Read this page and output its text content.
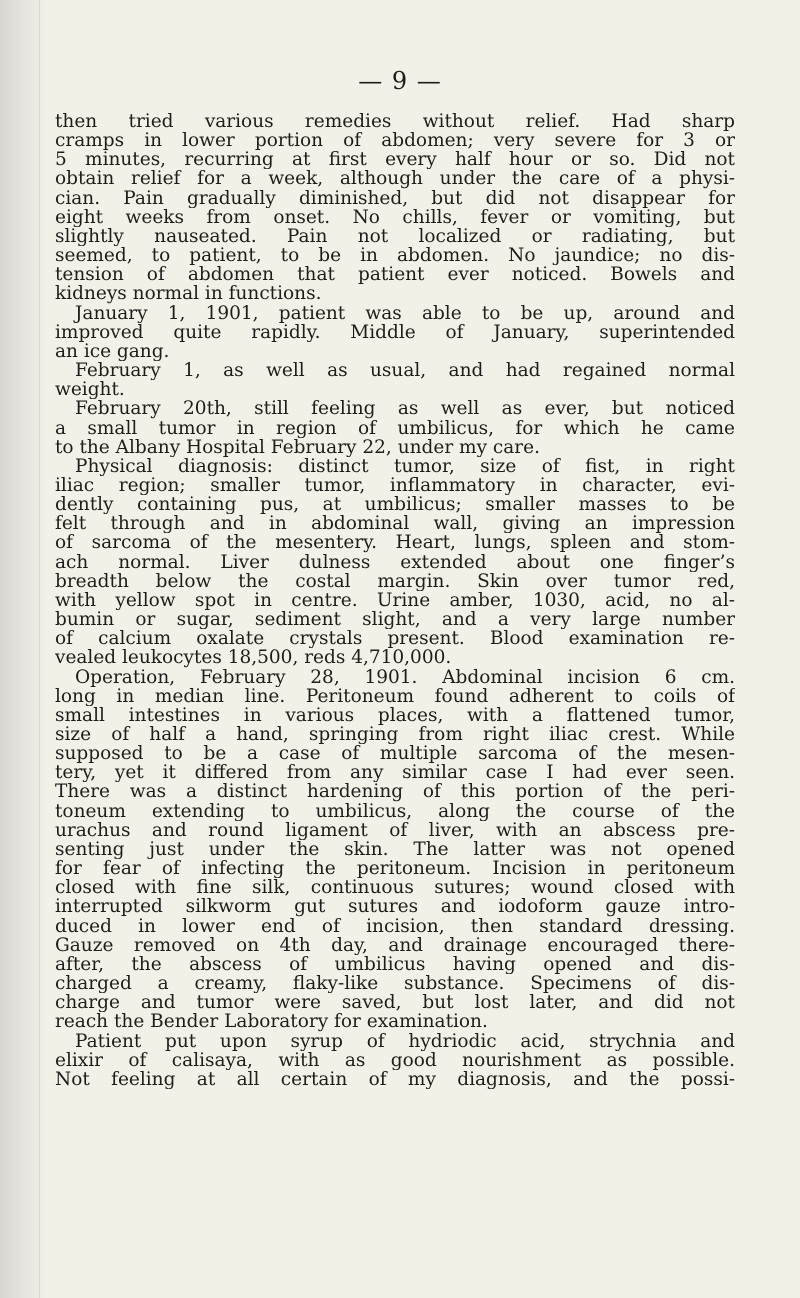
— 9 —
then tried various remedies without relief. Had sharp
cramps in lower portion of abdomen; very severe for 3 or
5 minutes, recurring at first every half hour or so. Did not
obtain relief for a week, although under the care of a physi-
cian. Pain gradually diminished, but did not disappear for
eight weeks from onset. No chills, fever or vomiting, but
slightly nauseated. Pain not localized or radiating, but
seemed, to patient, to be in abdomen. No jaundice; no dis-
tension of abdomen that patient ever noticed. Bowels and
kidneys normal in functions.
January 1, 1901, patient was able to be up, around and
improved quite rapidly. Middle of January, superintended
an ice gang.
February 1, as well as usual, and had regained normal
weight.
February 20th, still feeling as well as ever, but noticed
a small tumor in region of umbilicus, for which he came
to the Albany Hospital February 22, under my care.
Physical diagnosis: distinct tumor, size of fist, in right
iliac region; smaller tumor, inflammatory in character, evi-
dently containing pus, at umbilicus; smaller masses to be
felt through and in abdominal wall, giving an impression
of sarcoma of the mesentery. Heart, lungs, spleen and stom-
ach normal. Liver dulness extended about one finger’s
breadth below the costal margin. Skin over tumor red,
with yellow spot in centre. Urine amber, 1030, acid, no al-
bumin or sugar, sediment slight, and a very large number
of calcium oxalate crystals present. Blood examination re-
vealed leukocytes 18,500, reds 4,710,000.
Operation, February 28, 1901. Abdominal incision 6 cm.
long in median line. Peritoneum found adherent to coils of
small intestines in various places, with a flattened tumor,
size of half a hand, springing from right iliac crest. While
supposed to be a case of multiple sarcoma of the mesen-
tery, yet it differed from any similar case I had ever seen.
There was a distinct hardening of this portion of the peri-
toneum extending to umbilicus, along the course of the
urachus and round ligament of liver, with an abscess pre-
senting just under the skin. The latter was not opened
for fear of infecting the peritoneum. Incision in peritoneum
closed with fine silk, continuous sutures; wound closed with
interrupted silkworm gut sutures and iodoform gauze intro-
duced in lower end of incision, then standard dressing.
Gauze removed on 4th day, and drainage encouraged there-
after, the abscess of umbilicus having opened and dis-
charged a creamy, flaky-like substance. Specimens of dis-
charge and tumor were saved, but lost later, and did not
reach the Bender Laboratory for examination.
Patient put upon syrup of hydriodic acid, strychnia and
elixir of calisaya, with as good nourishment as possible.
Not feeling at all certain of my diagnosis, and the possi-
